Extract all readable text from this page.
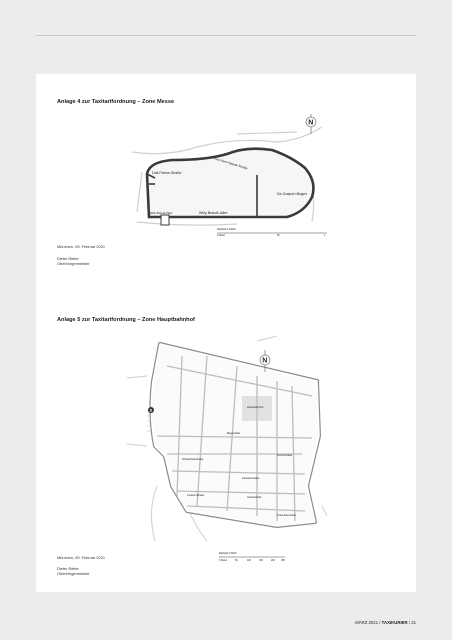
Anlage 4 zur Taxitarifordnung – Zone Messe
Dali-Palme-Straße
Paul-Henri-Spaak-Straße
De-Gasperi-Bogen
Willy-Brandt-Platz	Willy-Brandt-Allee
N
Maßstab 1:10000
0 Meter	50	1
München, 05. Februar 2021
Dieter Reiter
Oberbürgermeister
Anlage 5 zur Taxitarifordnung – Zone Hauptbahnhof
Hauptbahnhof
Bayerstraße
Schwanthalerstraße
Landwehrstraße
Lindwurmstraße
Sonnenstraße
Goethestraße
Pettenkoferstraße
S
N
Maßstab 1:5000
0 Meter	50	100	150	200	250
München, 05. Februar 2021
Dieter Reiter
Oberbürgermeister
MÄRZ 2021 / TAXIKURIER / 21
